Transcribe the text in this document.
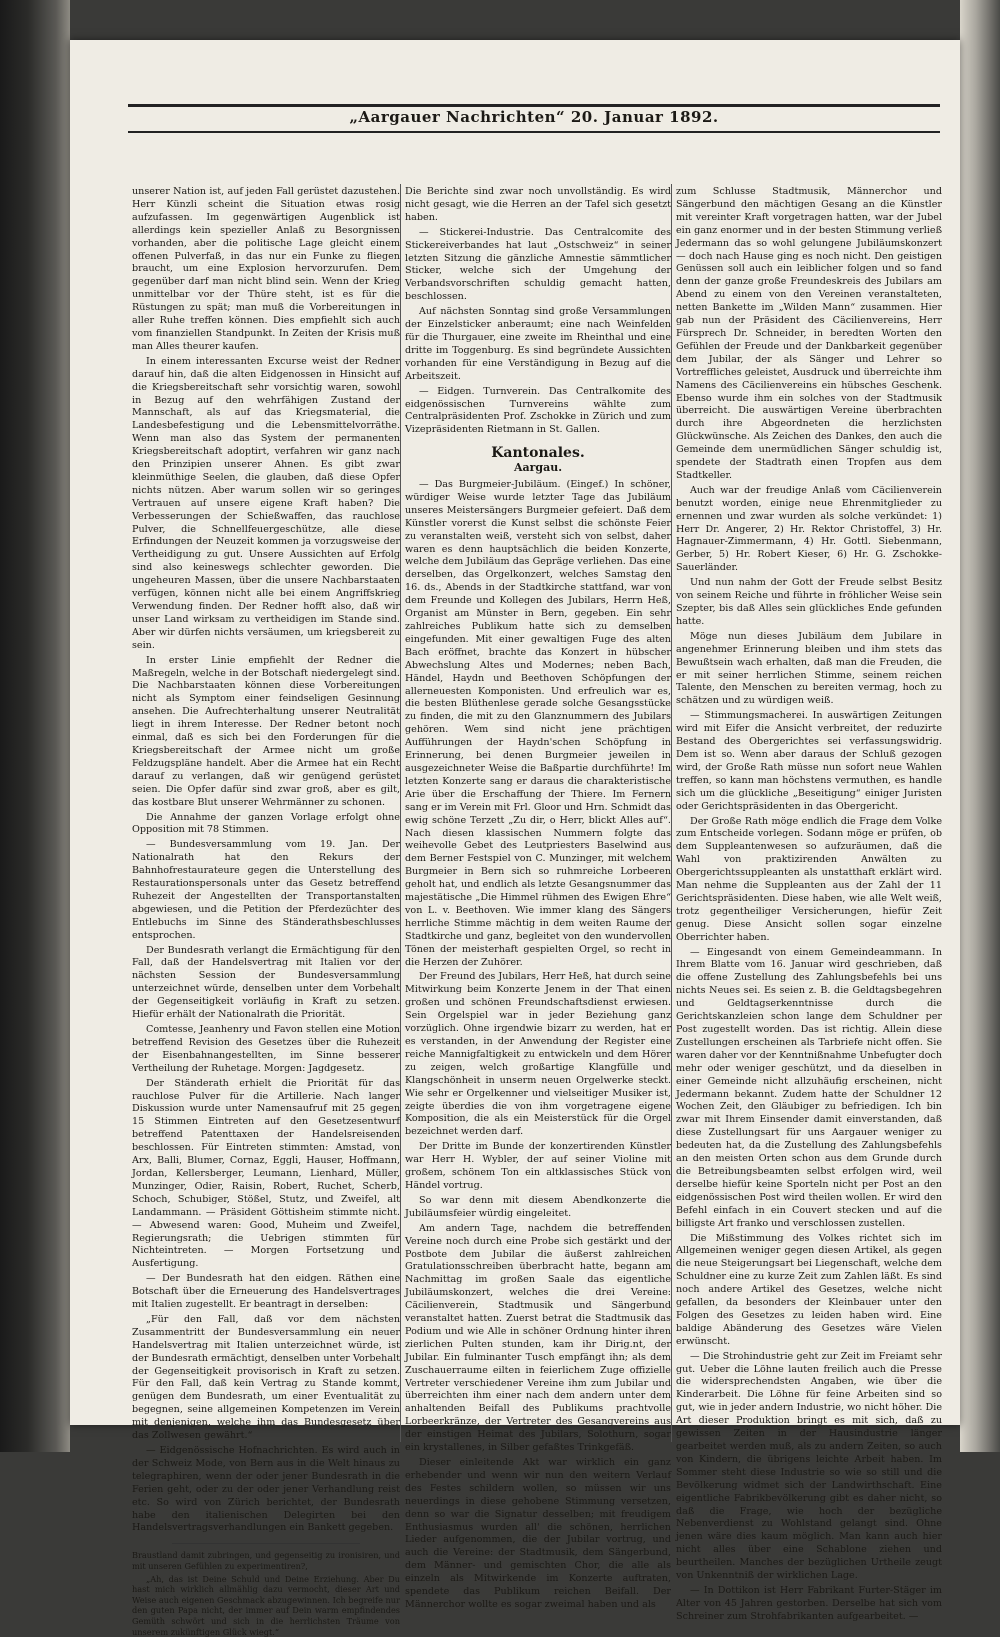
„Aargauer Nachrichten“ 20. Januar 1892.

unserer Nation ist, auf jeden Fall gerüstet dazustehen. Herr Künzli scheint die Situation etwas rosig aufzufassen. Im gegenwärtigen Augenblick ist allerdings kein spezieller Anlaß zu Besorgnissen vorhanden, aber die politische Lage gleicht einem offenen Pulverfaß, in das nur ein Funke zu fliegen braucht, um eine Explosion hervorzurufen. Dem gegenüber darf man nicht blind sein. Wenn der Krieg unmittelbar vor der Thüre steht, ist es für die Rüstungen zu spät; man muß die Vorbereitungen in aller Ruhe treffen können. Dies empfiehlt sich auch vom finanziellen Standpunkt. In Zeiten der Krisis muß man Alles theurer kaufen.

In einem interessanten Excurse weist der Redner darauf hin, daß die alten Eidgenossen in Hinsicht auf die Kriegsbereitschaft sehr vorsichtig waren, sowohl in Bezug auf den wehrfähigen Zustand der Mannschaft, als auf das Kriegsmaterial, die Landesbefestigung und die Lebensmittelvorräthe. Wenn man also das System der permanenten Kriegsbereitschaft adoptirt, verfahren wir ganz nach den Prinzipien unserer Ahnen. Es gibt zwar kleinmüthige Seelen, die glauben, daß diese Opfer nichts nützen. Aber warum sollen wir so geringes Vertrauen auf unsere eigene Kraft haben? Die Verbesserungen der Schießwaffen, das rauchlose Pulver, die Schnellfeuergeschütze, alle diese Erfindungen der Neuzeit kommen ja vorzugsweise der Vertheidigung zu gut. Unsere Aussichten auf Erfolg sind also keineswegs schlechter geworden. Die ungeheuren Massen, über die unsere Nachbarstaaten verfügen, können nicht alle bei einem Angriffskrieg Verwendung finden. Der Redner hofft also, daß wir unser Land wirksam zu vertheidigen im Stande sind. Aber wir dürfen nichts versäumen, um kriegsbereit zu sein.

In erster Linie empfiehlt der Redner die Maßregeln, welche in der Botschaft niedergelegt sind. Die Nachbarstaaten können diese Vorbereitungen nicht als Symptom einer feindseligen Gesinnung ansehen. Die Aufrechterhaltung unserer Neutralität liegt in ihrem Interesse. Der Redner betont noch einmal, daß es sich bei den Forderungen für die Kriegsbereitschaft der Armee nicht um große Feldzugspläne handelt. Aber die Armee hat ein Recht darauf zu verlangen, daß wir genügend gerüstet seien. Die Opfer dafür sind zwar groß, aber es gilt, das kostbare Blut unserer Wehrmänner zu schonen.

Die Annahme der ganzen Vorlage erfolgt ohne Opposition mit 78 Stimmen.

— Bundesversammlung vom 19. Jan. Der Nationalrath hat den Rekurs der Bahnhofrestaurateure gegen die Unterstellung des Restaurationspersonals unter das Gesetz betreffend Ruhezeit der Angestellten der Transportanstalten abgewiesen, und die Petition der Pferdezüchter des Entlebuchs im Sinne des Ständerathsbeschlusses entsprochen.

Der Bundesrath verlangt die Ermächtigung für den Fall, daß der Handelsvertrag mit Italien vor der nächsten Session der Bundesversammlung unterzeichnet würde, denselben unter dem Vorbehalt der Gegenseitigkeit vorläufig in Kraft zu setzen. Hiefür erhält der Nationalrath die Priorität.

Comtesse, Jeanhenry und Favon stellen eine Motion betreffend Revision des Gesetzes über die Ruhezeit der Eisenbahnangestellten, im Sinne besserer Vertheilung der Ruhetage. Morgen: Jagdgesetz.

Der Ständerath erhielt die Priorität für das rauchlose Pulver für die Artillerie. Nach langer Diskussion wurde unter Namensaufruf mit 25 gegen 15 Stimmen Eintreten auf den Gesetzesentwurf betreffend Patenttaxen der Handelsreisenden beschlossen. Für Eintreten stimmten: Amstad, von Arx, Balli, Blumer, Cornaz, Eggli, Hauser, Hoffmann, Jordan, Kellersberger, Leumann, Lienhard, Müller, Munzinger, Odier, Raisin, Robert, Ruchet, Scherb, Schoch, Schubiger, Stößel, Stutz, und Zweifel, alt Landammann. — Präsident Göttisheim stimmte nicht. — Abwesend waren: Good, Muheim und Zweifel, Regierungsrath; die Uebrigen stimmten für Nichteintreten. — Morgen Fortsetzung und Ausfertigung.

— Der Bundesrath hat den eidgen. Räthen eine Botschaft über die Erneuerung des Handelsvertrages mit Italien zugestellt. Er beantragt in derselben:

„Für den Fall, daß vor dem nächsten Zusammentritt der Bundesversammlung ein neuer Handelsvertrag mit Italien unterzeichnet würde, ist der Bundesrath ermächtigt, denselben unter Vorbehalt der Gegenseitigkeit provisorisch in Kraft zu setzen. Für den Fall, daß kein Vertrag zu Stande kommt, genügen dem Bundesrath, um einer Eventualität zu begegnen, seine allgemeinen Kompetenzen im Verein mit denjenigen, welche ihm das Bundesgesetz über das Zollwesen gewährt.“

— Eidgenössische Hofnachrichten. Es wird auch in der Schweiz Mode, von Bern aus in die Welt hinaus zu telegraphiren, wenn der oder jener Bundesrath in die Ferien geht, oder zu der oder jener Verhandlung reist etc. So wird von Zürich berichtet, der Bundesrath habe den italienischen Delegirten bei den Handelsvertragsverhandlungen ein Bankett gegeben.

Braustland damit zubringen, und gegenseitig zu ironisiren, und mit unseren Gefühlen zu experimentiren?,

„Ah, das ist Deine Schuld und Deine Erziehung. Aber Du hast mich wirklich allmählig dazu vermocht, dieser Art und Weise auch eigenen Geschmack abzugewinnen. Ich begreife nur den guten Papa nicht, der immer auf Dein warm empfindendes Gemüth schwört und sich in die herrlichsten Träume von unserem zukünftigen Glück wiegt.“

Die Berichte sind zwar noch unvollständig. Es wird nicht gesagt, wie die Herren an der Tafel sich gesetzt haben.

— Stickerei-Industrie. Das Centralcomite des Stickereiverbandes hat laut „Ostschweiz“ in seiner letzten Sitzung die gänzliche Amnestie sämmtlicher Sticker, welche sich der Umgehung der Verbandsvorschriften schuldig gemacht hatten, beschlossen.

Auf nächsten Sonntag sind große Versammlungen der Einzelsticker anberaumt; eine nach Weinfelden für die Thurgauer, eine zweite im Rheinthal und eine dritte im Toggenburg. Es sind begründete Aussichten vorhanden für eine Verständigung in Bezug auf die Arbeitszeit.

— Eidgen. Turnverein. Das Centralkomite des eidgenössischen Turnvereins wählte zum Centralpräsidenten Prof. Zschokke in Zürich und zum Vizepräsidenten Rietmann in St. Gallen.

Kantonales.
Aargau.

— Das Burgmeier-Jubiläum. (Eingef.) In schöner, würdiger Weise wurde letzter Tage das Jubiläum unseres Meistersängers Burgmeier gefeiert. Daß dem Künstler vorerst die Kunst selbst die schönste Feier zu veranstalten weiß, versteht sich von selbst, daher waren es denn hauptsächlich die beiden Konzerte, welche dem Jubiläum das Gepräge verliehen. Das eine derselben, das Orgelkonzert, welches Samstag den 16. ds., Abends in der Stadtkirche stattfand, war von dem Freunde und Kollegen des Jubilars, Herrn Heß, Organist am Münster in Bern, gegeben. Ein sehr zahlreiches Publikum hatte sich zu demselben eingefunden. Mit einer gewaltigen Fuge des alten Bach eröffnet, brachte das Konzert in hübscher Abwechslung Altes und Modernes; neben Bach, Händel, Haydn und Beethoven Schöpfungen der allerneuesten Komponisten. Und erfreulich war es, die besten Blüthenlese gerade solche Gesangsstücke zu finden, die mit zu den Glanznummern des Jubilars gehören. Wem sind nicht jene prächtigen Aufführungen der Haydn'schen Schöpfung in Erinnerung, bei denen Burgmeier jeweilen in ausgezeichneter Weise die Baßpartie durchführte! Im letzten Konzerte sang er daraus die charakteristische Arie über die Erschaffung der Thiere. Im Fernern sang er im Verein mit Frl. Gloor und Hrn. Schmidt das ewig schöne Terzett „Zu dir, o Herr, blickt Alles auf“. Nach diesen klassischen Nummern folgte das weihevolle Gebet des Leutpriesters Baselwind aus dem Berner Festspiel von C. Munzinger, mit welchem Burgmeier in Bern sich so ruhmreiche Lorbeeren geholt hat, und endlich als letzte Gesangsnummer das majestätische „Die Himmel rühmen des Ewigen Ehre“ von L. v. Beethoven. Wie immer klang des Sängers herrliche Stimme mächtig in dem weiten Raume der Stadtkirche und ganz, begleitet von den wundervollen Tönen der meisterhaft gespielten Orgel, so recht in die Herzen der Zuhörer.

Der Freund des Jubilars, Herr Heß, hat durch seine Mitwirkung beim Konzerte Jenem in der That einen großen und schönen Freundschaftsdienst erwiesen. Sein Orgelspiel war in jeder Beziehung ganz vorzüglich. Ohne irgendwie bizarr zu werden, hat er es verstanden, in der Anwendung der Register eine reiche Mannigfaltigkeit zu entwickeln und dem Hörer zu zeigen, welch großartige Klangfülle und Klangschönheit in unserm neuen Orgelwerke steckt. Wie sehr er Orgelkenner und vielseitiger Musiker ist, zeigte überdies die von ihm vorgetragene eigene Komposition, die als ein Meisterstück für die Orgel bezeichnet werden darf.

Der Dritte im Bunde der konzertirenden Künstler war Herr H. Wybler, der auf seiner Violine mit großem, schönem Ton ein altklassisches Stück von Händel vortrug.

So war denn mit diesem Abendkonzerte die Jubiläumsfeier würdig eingeleitet.

Am andern Tage, nachdem die betreffenden Vereine noch durch eine Probe sich gestärkt und der Postbote dem Jubilar die äußerst zahlreichen Gratulationsschreiben überbracht hatte, begann am Nachmittag im großen Saale das eigentliche Jubiläumskonzert, welches die drei Vereine: Cäcilienverein, Stadtmusik und Sängerbund veranstaltet hatten. Zuerst betrat die Stadtmusik das Podium und wie Alle in schöner Ordnung hinter ihren zierlichen Pulten stunden, kam ihr Dirig.nt, der Jubilar. Ein fulminanter Tusch empfängt ihn; als dem Zuschauerraume eilten in feierlichem Zuge offizielle Vertreter verschiedener Vereine ihm zum Jubilar und überreichten ihm einer nach dem andern unter dem anhaltenden Beifall des Publikums prachtvolle Lorbeerkränze, der Vertreter des Gesangvereins aus der einstigen Heimat des Jubilars, Solothurn, sogar ein krystallenes, in Silber gefaßtes Trinkgefäß.

Dieser einleitende Akt war wirklich ein ganz erhebender und wenn wir nun den weitern Verlauf des Festes schildern wollen, so müssen wir uns neuerdings in diese gehobene Stimmung versetzen, denn so war die Signatur desselben; mit freudigem Enthusiasmus wurden all' die schönen, herrlichen Lieder aufgenommen, die der Jubilar vortrug, und auch die Vereine: der Stadtmusik, dem Sängerbund, dem Männer- und gemischten Chor, die alle als einzeln als Mitwirkende im Konzerte auftraten, spendete das Publikum reichen Beifall. Der Männerchor wollte es sogar zweimal haben und als

zum Schlusse Stadtmusik, Männerchor und Sängerbund den mächtigen Gesang an die Künstler mit vereinter Kraft vorgetragen hatten, war der Jubel ein ganz enormer und in der besten Stimmung verließ Jedermann das so wohl gelungene Jubiläumskonzert — doch nach Hause ging es noch nicht. Den geistigen Genüssen soll auch ein leiblicher folgen und so fand denn der ganze große Freundeskreis des Jubilars am Abend zu einem von den Vereinen veranstalteten, netten Bankette im „Wilden Mann“ zusammen. Hier gab nun der Präsident des Cäcilienvereins, Herr Fürsprech Dr. Schneider, in beredten Worten den Gefühlen der Freude und der Dankbarkeit gegenüber dem Jubilar, der als Sänger und Lehrer so Vortreffliches geleistet, Ausdruck und überreichte ihm Namens des Cäcilienvereins ein hübsches Geschenk. Ebenso wurde ihm ein solches von der Stadtmusik überreicht. Die auswärtigen Vereine überbrachten durch ihre Abgeordneten die herzlichsten Glückwünsche. Als Zeichen des Dankes, den auch die Gemeinde dem unermüdlichen Sänger schuldig ist, spendete der Stadtrath einen Tropfen aus dem Stadtkeller.

Auch war der freudige Anlaß vom Cäcilienverein benutzt worden, einige neue Ehrenmitglieder zu ernennen und zwar wurden als solche verkündet: 1) Herr Dr. Angerer, 2) Hr. Rektor Christoffel, 3) Hr. Hagnauer-Zimmermann, 4) Hr. Gottl. Siebenmann, Gerber, 5) Hr. Robert Kieser, 6) Hr. G. Zschokke-Sauerländer.

Und nun nahm der Gott der Freude selbst Besitz von seinem Reiche und führte in fröhlicher Weise sein Szepter, bis daß Alles sein glückliches Ende gefunden hatte.

Möge nun dieses Jubiläum dem Jubilare in angenehmer Erinnerung bleiben und ihm stets das Bewußtsein wach erhalten, daß man die Freuden, die er mit seiner herrlichen Stimme, seinem reichen Talente, den Menschen zu bereiten vermag, hoch zu schätzen und zu würdigen weiß.

— Stimmungsmacherei. In auswärtigen Zeitungen wird mit Eifer die Ansicht verbreitet, der reduzirte Bestand des Obergerichtes sei verfassungswidrig. Dem ist so. Wenn aber daraus der Schluß gezogen wird, der Große Rath müsse nun sofort neue Wahlen treffen, so kann man höchstens vermuthen, es handle sich um die glückliche „Beseitigung“ einiger Juristen oder Gerichtspräsidenten in das Obergericht.

Der Große Rath möge endlich die Frage dem Volke zum Entscheide vorlegen. Sodann möge er prüfen, ob dem Suppleantenwesen so aufzuräumen, daß die Wahl von praktizirenden Anwälten zu Obergerichtssuppleanten als unstatthaft erklärt wird. Man nehme die Suppleanten aus der Zahl der 11 Gerichtspräsidenten. Diese haben, wie alle Welt weiß, trotz gegentheiliger Versicherungen, hiefür Zeit genug. Diese Ansicht sollen sogar einzelne Oberrichter haben.

— Eingesandt von einem Gemeindeammann. In Ihrem Blatte vom 16. Januar wird geschrieben, daß die offene Zustellung des Zahlungsbefehls bei uns nichts Neues sei. Es seien z. B. die Geldtagsbegehren und Geldtagserkenntnisse durch die Gerichtskanzleien schon lange dem Schuldner per Post zugestellt worden. Das ist richtig. Allein diese Zustellungen erscheinen als Tarbriefe nicht offen. Sie waren daher vor der Kenntnißnahme Unbefugter doch mehr oder weniger geschützt, und da dieselben in einer Gemeinde nicht allzuhäufig erscheinen, nicht Jedermann bekannt. Zudem hatte der Schuldner 12 Wochen Zeit, den Gläubiger zu befriedigen. Ich bin zwar mit Ihrem Einsender damit einverstanden, daß diese Zustellungsart für uns Aargauer weniger zu bedeuten hat, da die Zustellung des Zahlungsbefehls an den meisten Orten schon aus dem Grunde durch die Betreibungsbeamten selbst erfolgen wird, weil derselbe hiefür keine Sporteln nicht per Post an den eidgenössischen Post wird theilen wollen. Er wird den Befehl einfach in ein Couvert stecken und auf die billigste Art franko und verschlossen zustellen.

Die Mißstimmung des Volkes richtet sich im Allgemeinen weniger gegen diesen Artikel, als gegen die neue Steigerungsart bei Liegenschaft, welche dem Schuldner eine zu kurze Zeit zum Zahlen läßt. Es sind noch andere Artikel des Gesetzes, welche nicht gefallen, da besonders der Kleinbauer unter den Folgen des Gesetzes zu leiden haben wird. Eine baldige Abänderung des Gesetzes wäre Vielen erwünscht.

— Die Strohindustrie geht zur Zeit im Freiamt sehr gut. Ueber die Löhne lauten freilich auch die Presse die widersprechendsten Angaben, wie über die Kinderarbeit. Die Löhne für feine Arbeiten sind so gut, wie in jeder andern Industrie, wo nicht höher. Die Art dieser Produktion bringt es mit sich, daß zu gewissen Zeiten in der Hausindustrie länger gearbeitet werden muß, als zu andern Zeiten, so auch von Kindern, die übrigens leichte Arbeit haben. Im Sommer steht diese Industrie so wie so still und die Bevölkerung widmet sich der Landwirthschaft. Eine eigentliche Fabrikbevölkerung gibt es daher nicht, so daß die Frage, wie hoch der bezügliche Nebenverdienst zu Wohlstand gelangt sind. Ohne jenen wäre dies kaum möglich. Man kann auch hier nicht alles über eine Schablone ziehen und beurtheilen. Manches der bezüglichen Urtheile zeugt von Unkenntniß der wirklichen Lage.

— In Dottikon ist Herr Fabrikant Furter-Stäger im Alter von 45 Jahren gestorben. Derselbe hat sich vom Schreiner zum Strohfabrikanten aufgearbeitet. —
